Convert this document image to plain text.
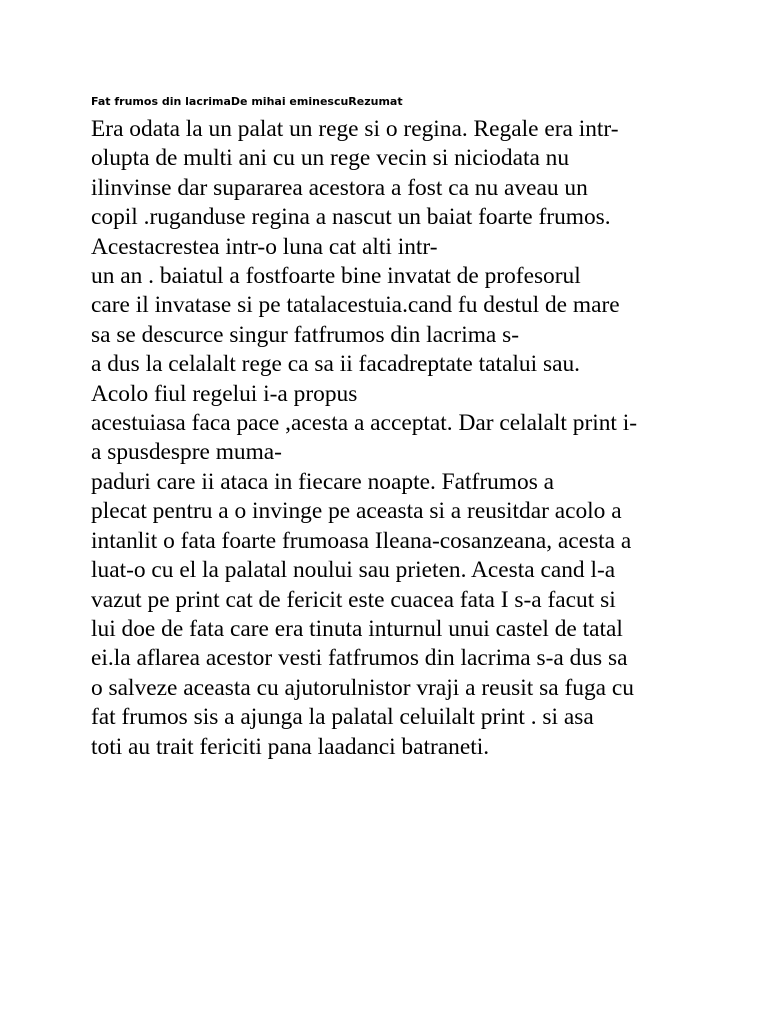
Fat frumos din lacrimaDe mihai eminescuRezumat
Era odata la un palat un rege si o regina. Regale era intr-
olupta de multi ani cu un rege vecin si niciodata nu
ilinvinse dar supararea acestora a fost ca nu aveau un
copil .ruganduse regina a nascut un baiat foarte frumos.
Acestacrestea intr-o luna cat alti intr-
un an . baiatul a fostfoarte bine invatat de profesorul
care il invatase si pe tatalacestuia.cand fu destul de mare
sa se descurce singur fatfrumos din lacrima s-
a dus la celalalt rege ca sa ii facadreptate tatalui sau.
Acolo fiul regelui i-a propus
acestuiasa faca pace ,acesta a acceptat. Dar celalalt print i-
a spusdespre muma-
paduri care ii ataca in fiecare noapte. Fatfrumos a
plecat pentru a o invinge pe aceasta si a reusitdar acolo a
intanlit o fata foarte frumoasa Ileana-cosanzeana, acesta a
luat-o cu el la palatal noului sau prieten. Acesta cand l-a
vazut pe print cat de fericit este cuacea fata I s-a facut si
lui doe de fata care era tinuta inturnul unui castel de tatal
ei.la aflarea acestor vesti fatfrumos din lacrima s-a dus sa
o salveze aceasta cu ajutorulnistor vraji a reusit sa fuga cu
fat frumos sis a ajunga la palatal celuilalt print . si asa
toti au trait fericiti pana laadanci batraneti.
